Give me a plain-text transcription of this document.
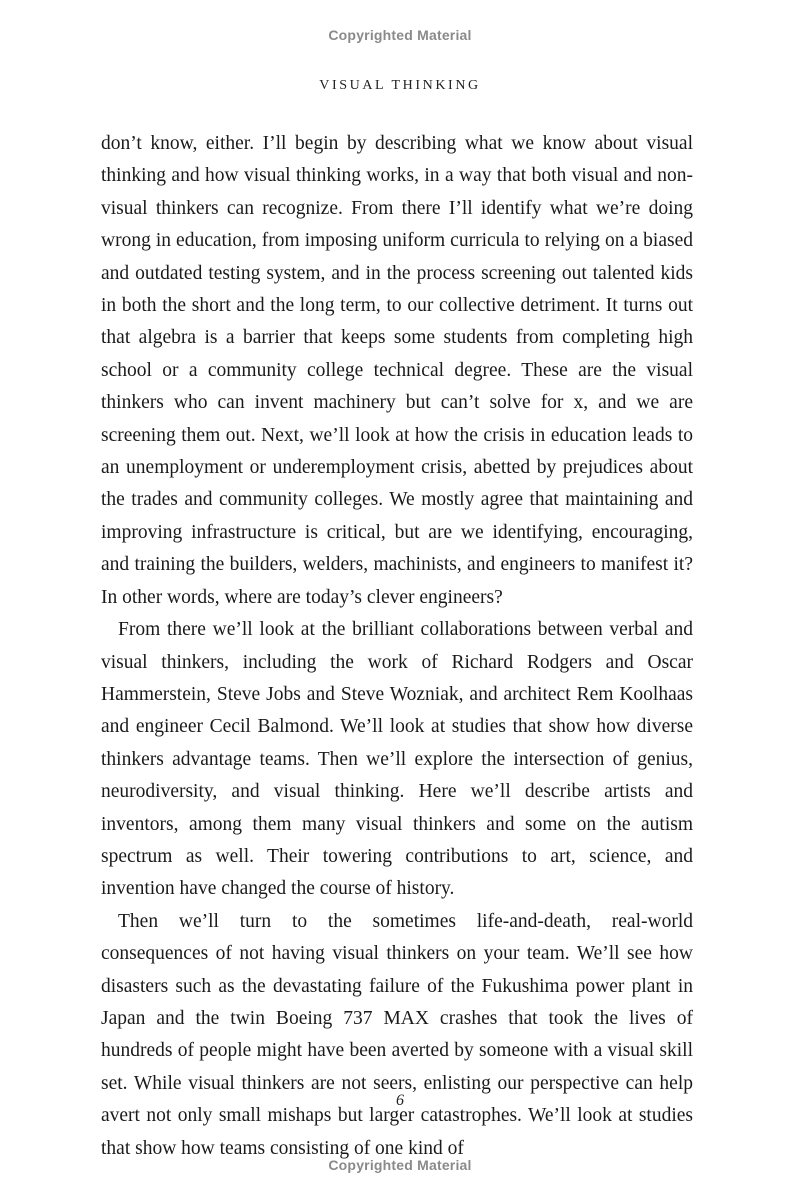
Copyrighted Material
VISUAL THINKING

don’t know, either. I’ll begin by describing what we know about visual thinking and how visual thinking works, in a way that both visual and non-visual thinkers can recognize. From there I’ll identify what we’re doing wrong in education, from imposing uniform curricula to relying on a biased and outdated testing system, and in the process screening out talented kids in both the short and the long term, to our collective detriment. It turns out that algebra is a barrier that keeps some students from completing high school or a community college technical degree. These are the visual thinkers who can invent machinery but can’t solve for x, and we are screening them out. Next, we’ll look at how the crisis in education leads to an unemployment or underemployment crisis, abetted by prejudices about the trades and community colleges. We mostly agree that maintaining and improving infrastructure is critical, but are we identifying, encouraging, and training the builders, welders, machinists, and engineers to manifest it? In other words, where are today’s clever engineers?

From there we’ll look at the brilliant collaborations between verbal and visual thinkers, including the work of Richard Rodgers and Oscar Hammerstein, Steve Jobs and Steve Wozniak, and architect Rem Koolhaas and engineer Cecil Balmond. We’ll look at studies that show how diverse thinkers advantage teams. Then we’ll explore the intersection of genius, neurodiversity, and visual thinking. Here we’ll describe artists and inventors, among them many visual thinkers and some on the autism spectrum as well. Their towering contributions to art, science, and invention have changed the course of history.

Then we’ll turn to the sometimes life-and-death, real-world consequences of not having visual thinkers on your team. We’ll see how disasters such as the devastating failure of the Fukushima power plant in Japan and the twin Boeing 737 MAX crashes that took the lives of hundreds of people might have been averted by someone with a visual skill set. While visual thinkers are not seers, enlisting our perspective can help avert not only small mishaps but larger catastrophes. We’ll look at studies that show how teams consisting of one kind of

6
Copyrighted Material
